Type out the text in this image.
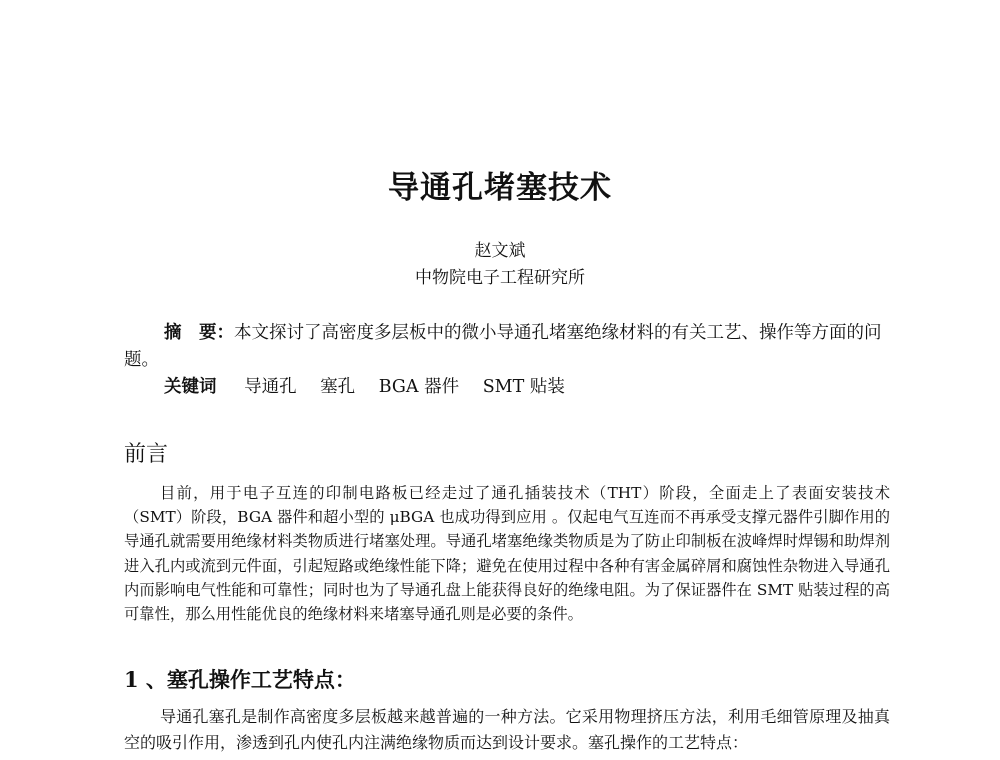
导通孔堵塞技术
赵文斌
中物院电子工程研究所
摘　要：本文探讨了高密度多层板中的微小导通孔堵塞绝缘材料的有关工艺、操作等方面的问题。
关键词 导通孔 塞孔 BGA 器件 SMT 贴装
前言
目前，用于电子互连的印制电路板已经走过了通孔插装技术（THT）阶段，全面走上了表面安装技术（SMT）阶段，BGA 器件和超小型的 μBGA 也成功得到应用 。仅起电气互连而不再承受支撑元器件引脚作用的导通孔就需要用绝缘材料类物质进行堵塞处理。导通孔堵塞绝缘类物质是为了防止印制板在波峰焊时焊锡和助焊剂进入孔内或流到元件面，引起短路或绝缘性能下降；避免在使用过程中各种有害金属碎屑和腐蚀性杂物进入导通孔内而影响电气性能和可靠性；同时也为了导通孔盘上能获得良好的绝缘电阻。为了保证器件在 SMT 贴装过程的高可靠性，那么用性能优良的绝缘材料来堵塞导通孔则是必要的条件。
1 、塞孔操作工艺特点：
导通孔塞孔是制作高密度多层板越来越普遍的一种方法。它采用物理挤压方法，利用毛细管原理及抽真空的吸引作用，渗透到孔内使孔内注满绝缘物质而达到设计要求。塞孔操作的工艺特点：
